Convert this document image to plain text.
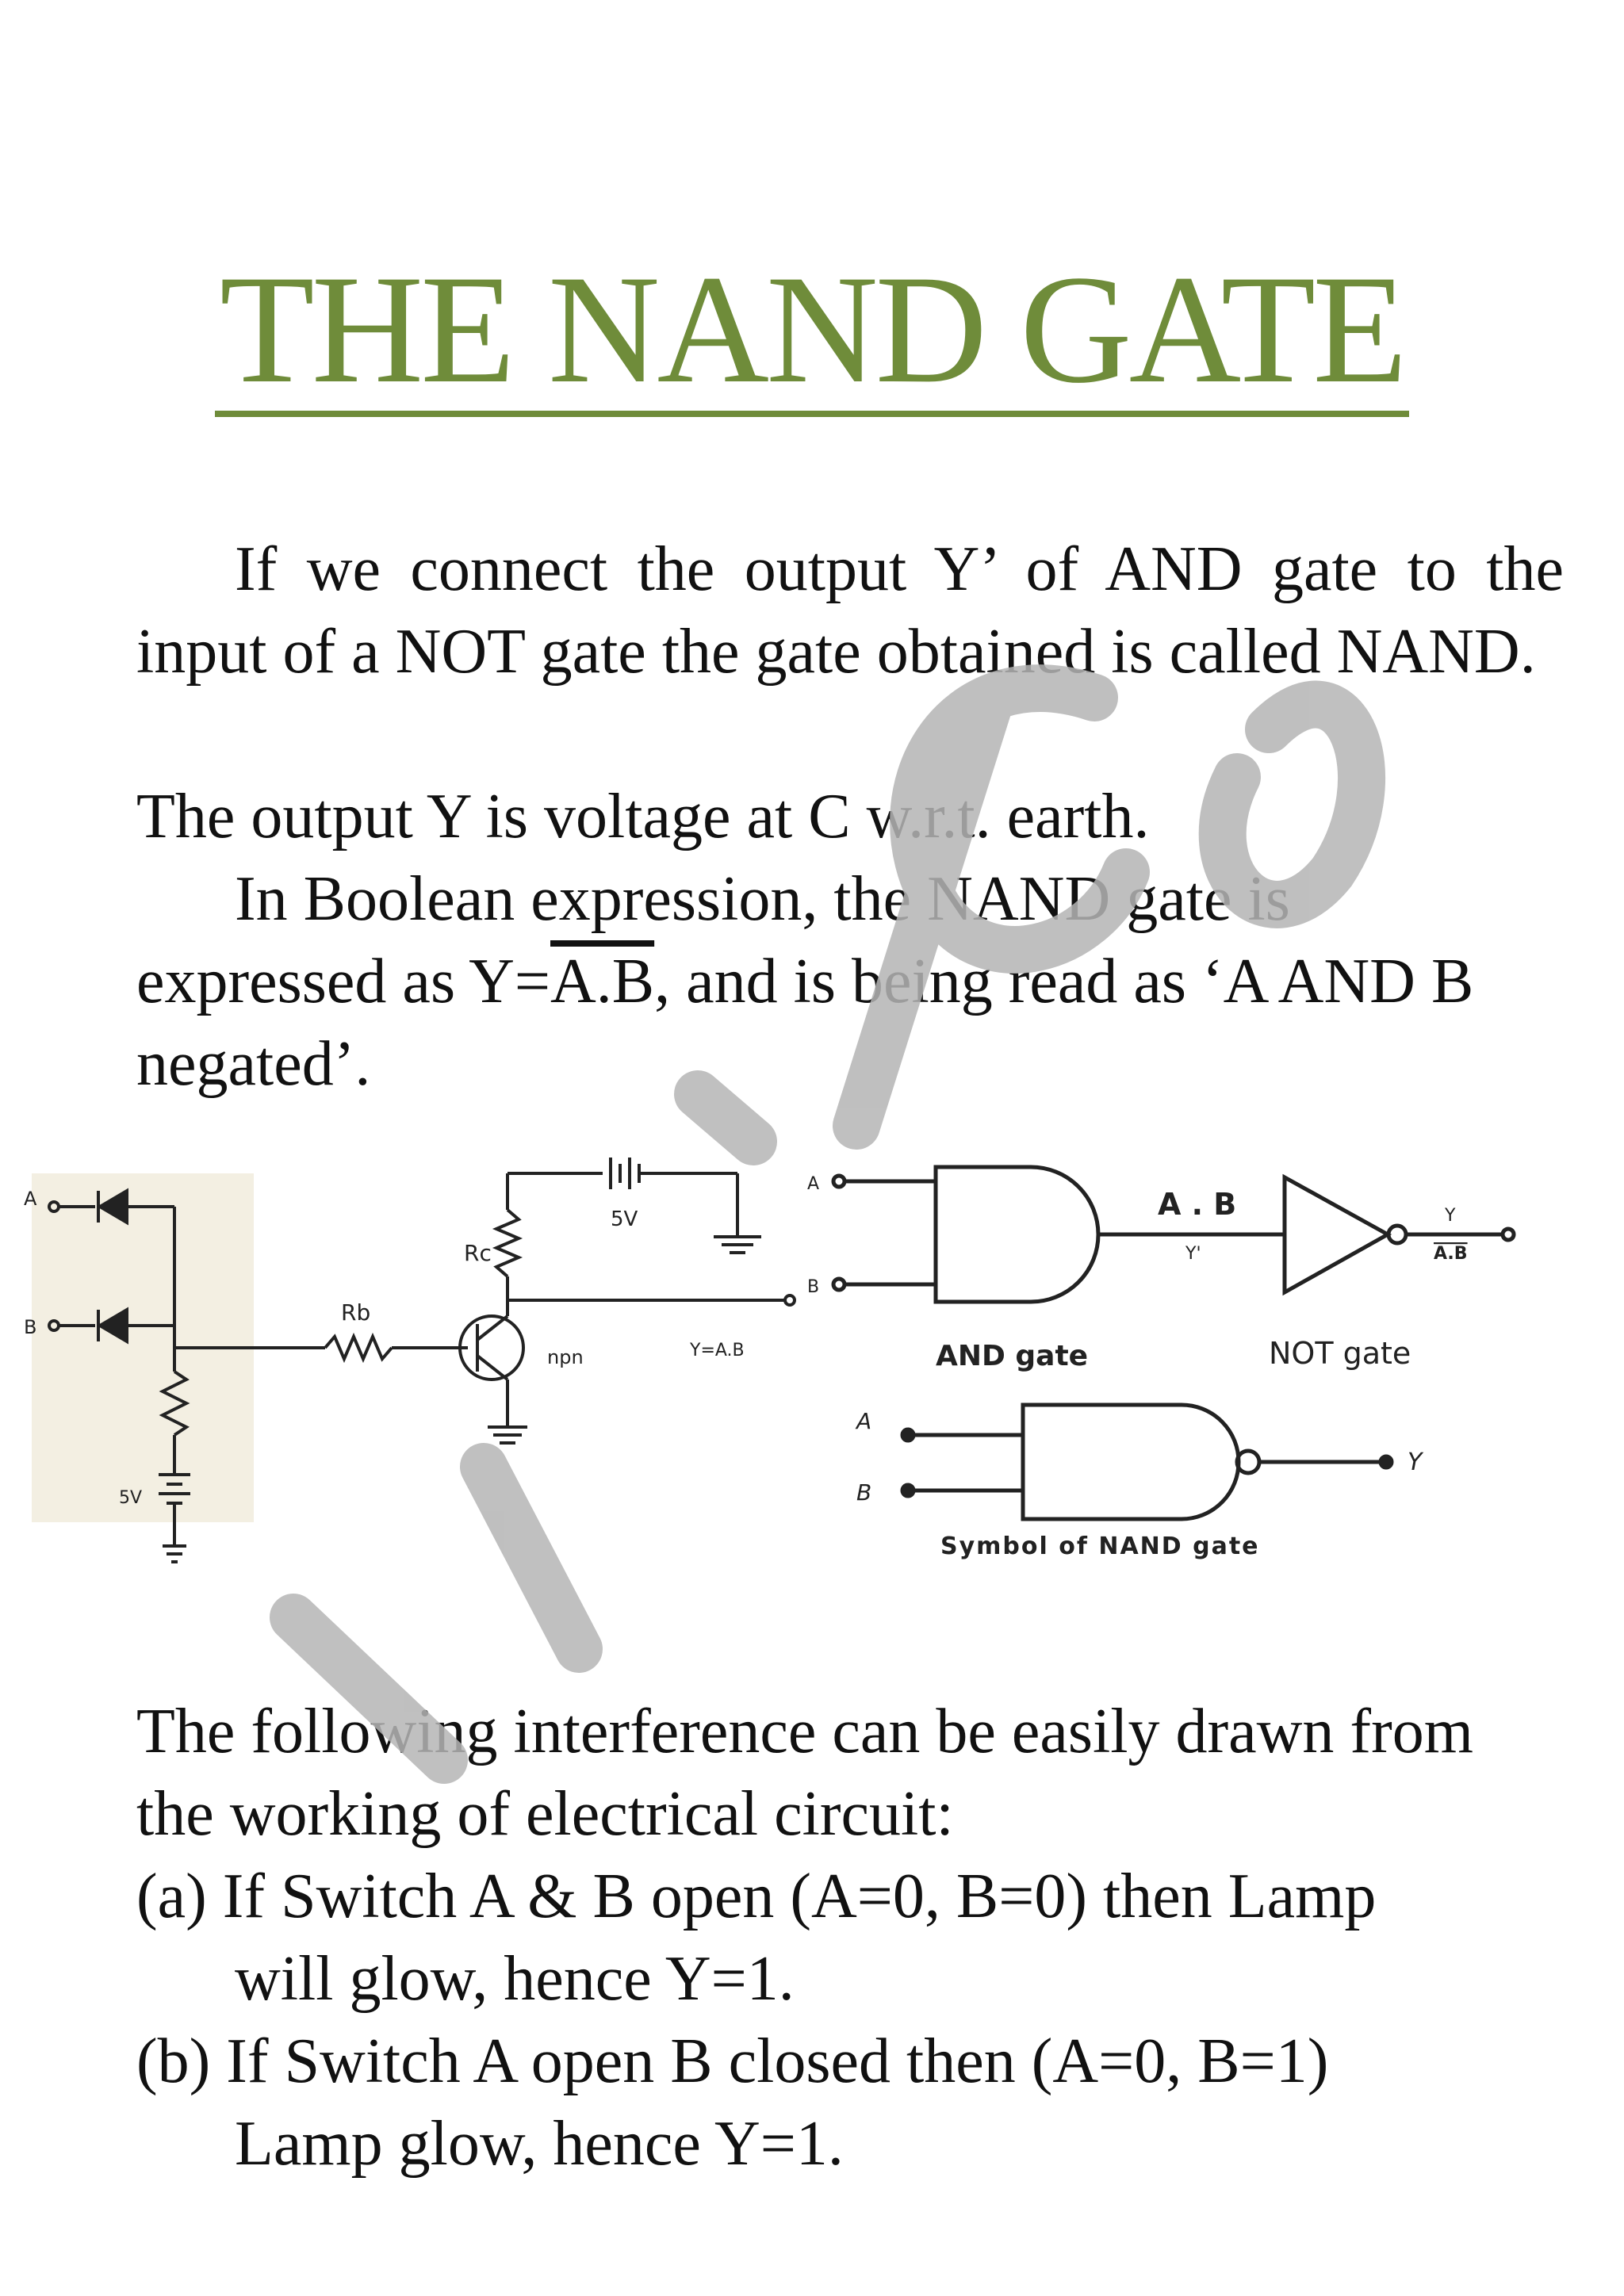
THE NAND GATE
If we connect the output Y’ of AND gate to the input of a NOT gate the gate obtained is called NAND.
The output Y is voltage at C w.r.t. earth.
In Boolean expression, the NAND gate is expressed as Y=A.B, and is being read as ‘A AND B negated’.
A
B
Rc
Rb
5V
npn	Y=A.B
5V
A
B
A . B
Y'
Y
A.B
AND gate	NOT gate
A
B
Y
Symbol of NAND gate
The following interference can be easily drawn from the working of electrical circuit:
(a) If Switch A & B open (A=0, B=0) then Lamp
will glow, hence Y=1.
(b) If Switch A open B closed then (A=0, B=1)
Lamp glow, hence Y=1.
